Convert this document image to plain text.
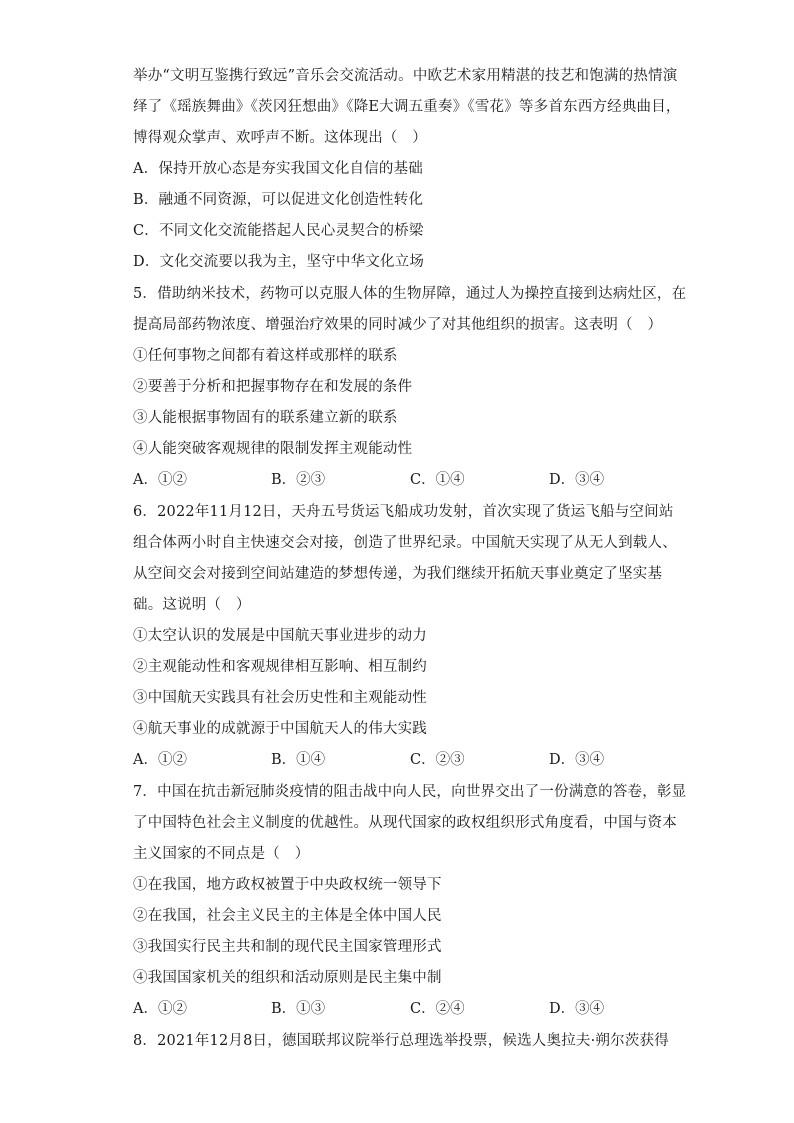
举办“文明互鉴携行致远”音乐会交流活动。中欧艺术家用精湛的技艺和饱满的热情演
绎了《瑶族舞曲》《茨冈狂想曲》《降E大调五重奏》《雪花》等多首东西方经典曲目，
博得观众掌声、欢呼声不断。这体现出（　）
A．保持开放心态是夯实我国文化自信的基础
B．融通不同资源，可以促进文化创造性转化
C．不同文化交流能搭起人民心灵契合的桥梁
D．文化交流要以我为主，坚守中华文化立场
5．借助纳米技术，药物可以克服人体的生物屏障，通过人为操控直接到达病灶区，在
提高局部药物浓度、增强治疗效果的同时减少了对其他组织的损害。这表明（　）
①任何事物之间都有着这样或那样的联系
②要善于分析和把握事物存在和发展的条件
③人能根据事物固有的联系建立新的联系
④人能突破客观规律的限制发挥主观能动性
A．①②	B．②③	C．①④	D．③④
6．2022年11月12日，天舟五号货运飞船成功发射，首次实现了货运飞船与空间站
组合体两小时自主快速交会对接，创造了世界纪录。中国航天实现了从无人到载人、
从空间交会对接到空间站建造的梦想传递，为我们继续开拓航天事业奠定了坚实基
础。这说明（　）
①太空认识的发展是中国航天事业进步的动力
②主观能动性和客观规律相互影响、相互制约
③中国航天实践具有社会历史性和主观能动性
④航天事业的成就源于中国航天人的伟大实践
A．①②	B．①④	C．②③	D．③④
7．中国在抗击新冠肺炎疫情的阻击战中向人民，向世界交出了一份满意的答卷，彰显
了中国特色社会主义制度的优越性。从现代国家的政权组织形式角度看，中国与资本
主义国家的不同点是（　）
①在我国，地方政权被置于中央政权统一领导下
②在我国，社会主义民主的主体是全体中国人民
③我国实行民主共和制的现代民主国家管理形式
④我国国家机关的组织和活动原则是民主集中制
A．①②	B．①③	C．②④	D．③④
8．2021年12月8日，德国联邦议院举行总理选举投票，候选人奥拉夫·朔尔茨获得
